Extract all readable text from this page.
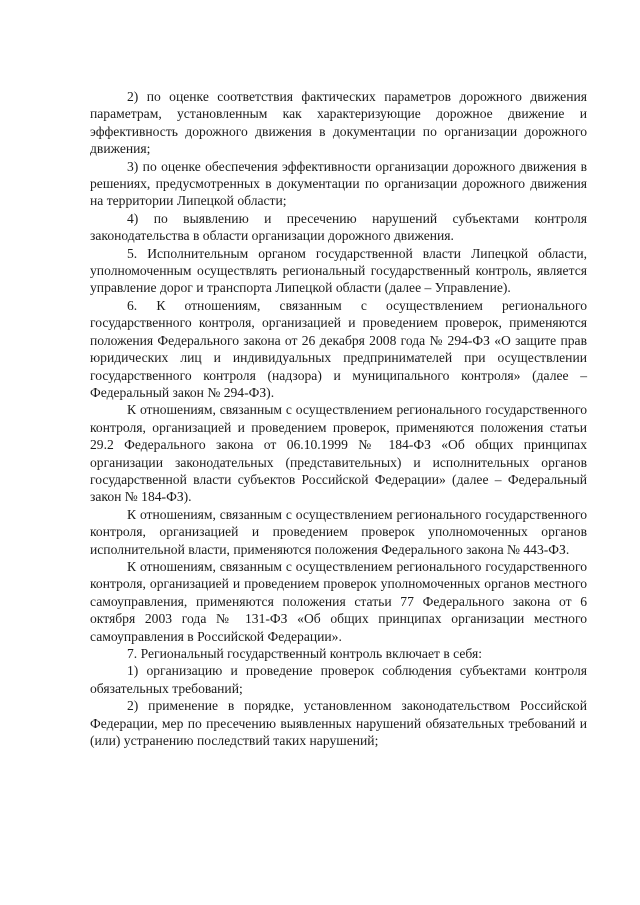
2) по оценке соответствия фактических параметров дорожного движения параметрам, установленным как характеризующие дорожное движение и эффективность дорожного движения в документации по организации дорожного движения;

3) по оценке обеспечения эффективности организации дорожного движения в решениях, предусмотренных в документации по организации дорожного движения на территории Липецкой области;

4) по выявлению и пресечению нарушений субъектами контроля законодательства в области организации дорожного движения.

5. Исполнительным органом государственной власти Липецкой области, уполномоченным осуществлять региональный государственный контроль, является управление дорог и транспорта Липецкой области (далее – Управление).

6. К отношениям, связанным с осуществлением регионального государственного контроля, организацией и проведением проверок, применяются положения Федерального закона от 26 декабря 2008 года № 294-ФЗ «О защите прав юридических лиц и индивидуальных предпринимателей при осуществлении государственного контроля (надзора) и муниципального контроля» (далее – Федеральный закон № 294-ФЗ).

К отношениям, связанным с осуществлением регионального государственного контроля, организацией и проведением проверок, применяются положения статьи 29.2 Федерального закона от 06.10.1999 № 184-ФЗ «Об общих принципах организации законодательных (представительных) и исполнительных органов государственной власти субъектов Российской Федерации» (далее – Федеральный закон № 184-ФЗ).

К отношениям, связанным с осуществлением регионального государственного контроля, организацией и проведением проверок уполномоченных органов исполнительной власти, применяются положения Федерального закона № 443-ФЗ.

К отношениям, связанным с осуществлением регионального государственного контроля, организацией и проведением проверок уполномоченных органов местного самоуправления, применяются положения статьи 77 Федерального закона от 6 октября 2003 года № 131-ФЗ «Об общих принципах организации местного самоуправления в Российской Федерации».

7. Региональный государственный контроль включает в себя:

1) организацию и проведение проверок соблюдения субъектами контроля обязательных требований;

2) применение в порядке, установленном законодательством Российской Федерации, мер по пресечению выявленных нарушений обязательных требований и (или) устранению последствий таких нарушений;
